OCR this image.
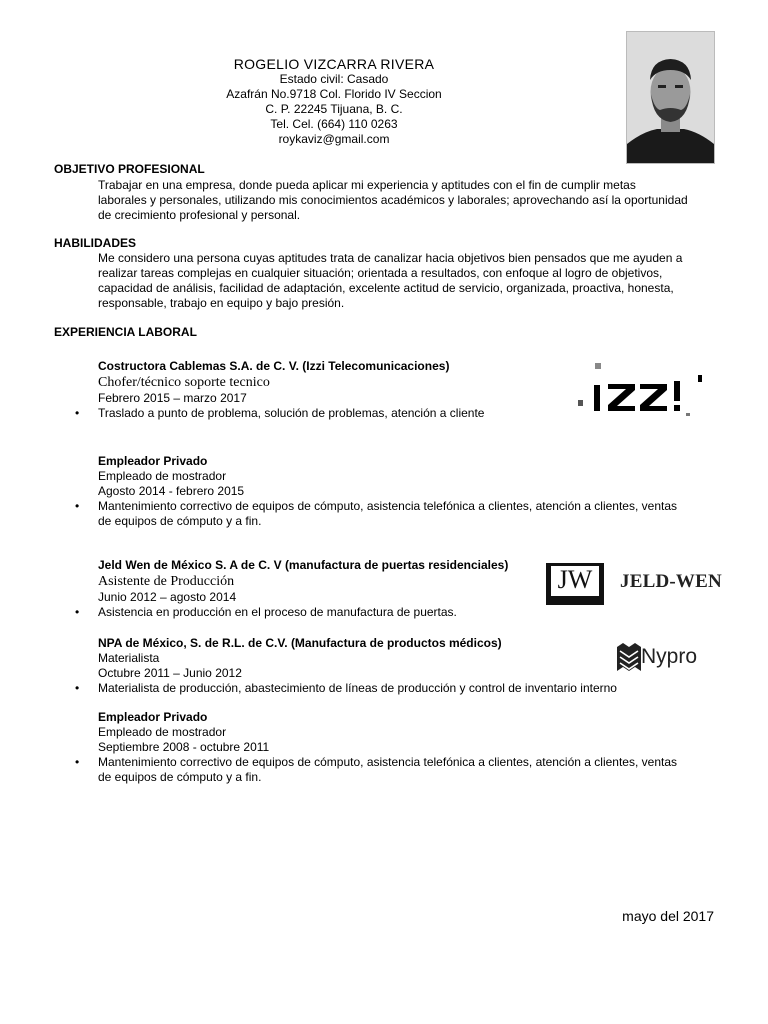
ROGELIO VIZCARRA RIVERA
Estado civil: Casado
Azafrán No.9718 Col. Florido IV Seccion
C. P. 22245 Tijuana, B. C.
Tel. Cel. (664) 110 0263
roykaviz@gmail.com
OBJETIVO PROFESIONAL
Trabajar en una empresa, donde pueda aplicar mi experiencia y aptitudes con el fin de cumplir metas
laborales y personales, utilizando mis conocimientos académicos y laborales; aprovechando así la oportunidad
de crecimiento profesional y personal.
HABILIDADES
Me considero una persona cuyas aptitudes trata de canalizar hacia objetivos bien pensados que me ayuden a
realizar tareas complejas en cualquier situación; orientada a resultados, con enfoque al logro de objetivos,
capacidad de análisis, facilidad de adaptación, excelente actitud de servicio, organizada, proactiva, honesta,
responsable, trabajo en equipo y bajo presión.
EXPERIENCIA LABORAL
Costructora Cablemas S.A. de C. V. (Izzi Telecomunicaciones)
Chofer/técnico soporte tecnico
Febrero 2015 – marzo 2017
• Traslado a punto de problema, solución de problemas, atención a cliente
Empleador Privado
Empleado de mostrador
Agosto 2014 - febrero 2015
• Mantenimiento correctivo de equipos de cómputo, asistencia telefónica a clientes, atención a clientes, ventas
de equipos de cómputo y a fin.
Jeld Wen de México S. A de C. V (manufactura de puertas residenciales)
Asistente de Producción
Junio 2012 – agosto 2014
• Asistencia en producción en el proceso de manufactura de puertas.
JW	JELD-WEN
NPA de México, S. de R.L. de C.V. (Manufactura de productos médicos)
Materialista
Octubre 2011 – Junio 2012
• Materialista de producción, abastecimiento de líneas de producción y control de inventario interno
Nypro
Empleador Privado
Empleado de mostrador
Septiembre 2008 - octubre 2011
• Mantenimiento correctivo de equipos de cómputo, asistencia telefónica a clientes, atención a clientes, ventas
de equipos de cómputo y a fin.
mayo del 2017
